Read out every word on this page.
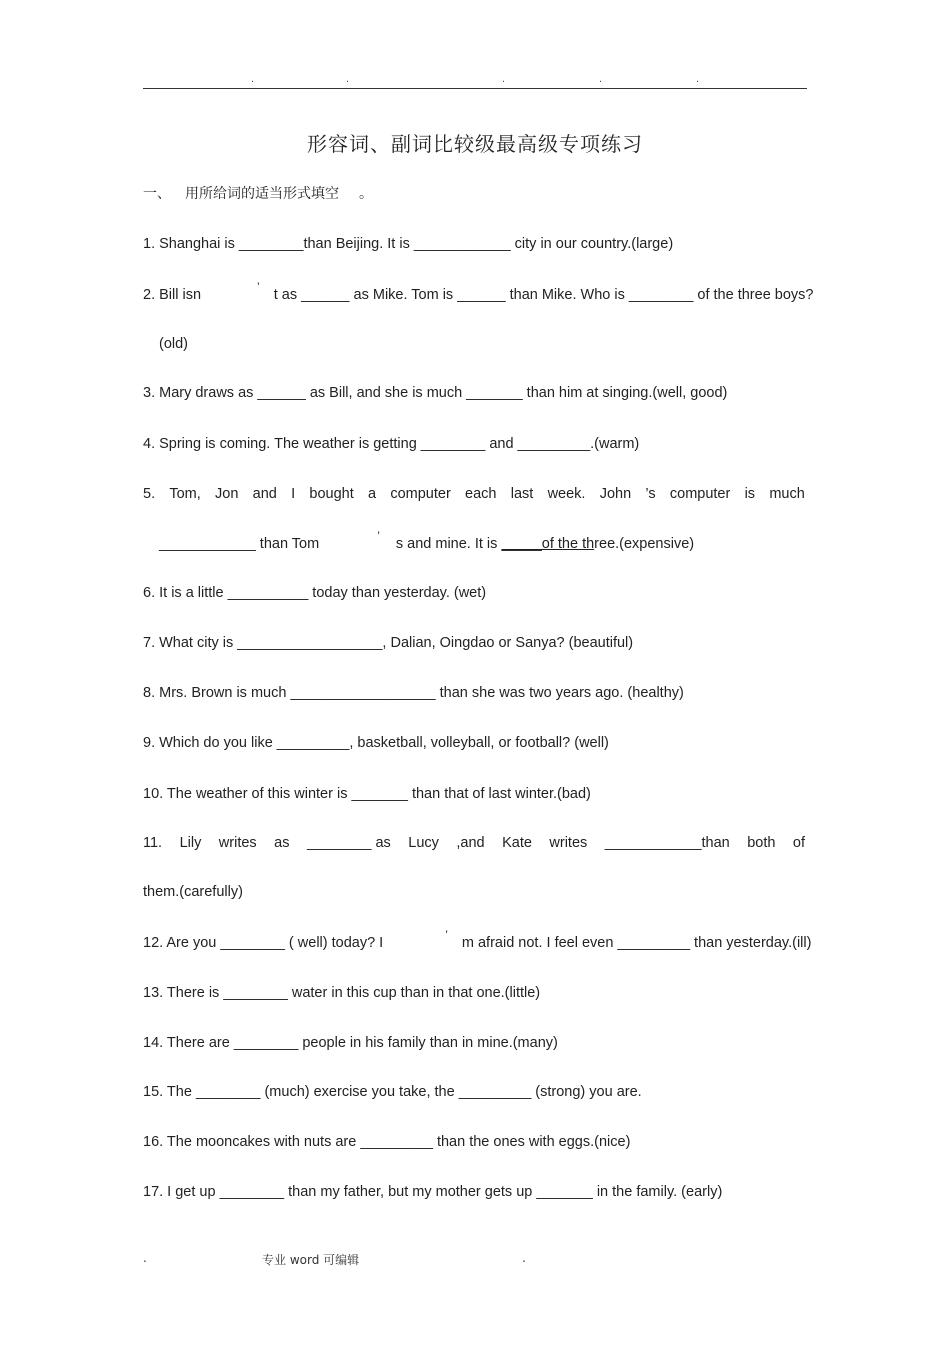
.	.	.	.	.
形容词、副词比较级最高级专项练习
一、 用所给词的适当形式填空 。
1. Shanghai is ________than Beijing. It is ____________ city in our country.(large)
2. Bill isn	’ t as ______ as Mike. Tom is ______ than Mike. Who is ________ of the three boys?
(old)
3. Mary draws as ______ as Bill, and she is much _______ than him at singing.(well, good)
4. Spring is coming. The weather is getting ________ and _________.(warm)
5. Tom, Jon and I bought a computer each last week. John ’s computer is much
____________ than Tom	’ s and mine. It is _____of the three.(expensive)
6. It is a little __________ today than yesterday. (wet)
7. What city is __________________, Dalian, Oingdao or Sanya? (beautiful)
8. Mrs. Brown is much __________________ than she was two years ago. (healthy)
9. Which do you like _________, basketball, volleyball, or football? (well)
10. The weather of this winter is _______ than that of last winter.(bad)
11. Lily writes as ________ as Lucy ,and Kate writes ____________than both of
them.(carefully)
12. Are you ________ ( well) today? I	’ m afraid not. I feel even _________ than yesterday.(ill)
13. There is ________ water in this cup than in that one.(little)
14. There are ________ people in his family than in mine.(many)
15. The ________ (much) exercise you take, the _________ (strong) you are.
16. The mooncakes with nuts are _________ than the ones with eggs.(nice)
17. I get up ________ than my father, but my mother gets up _______ in the family. (early)
.	专业 word 可编辑	.
